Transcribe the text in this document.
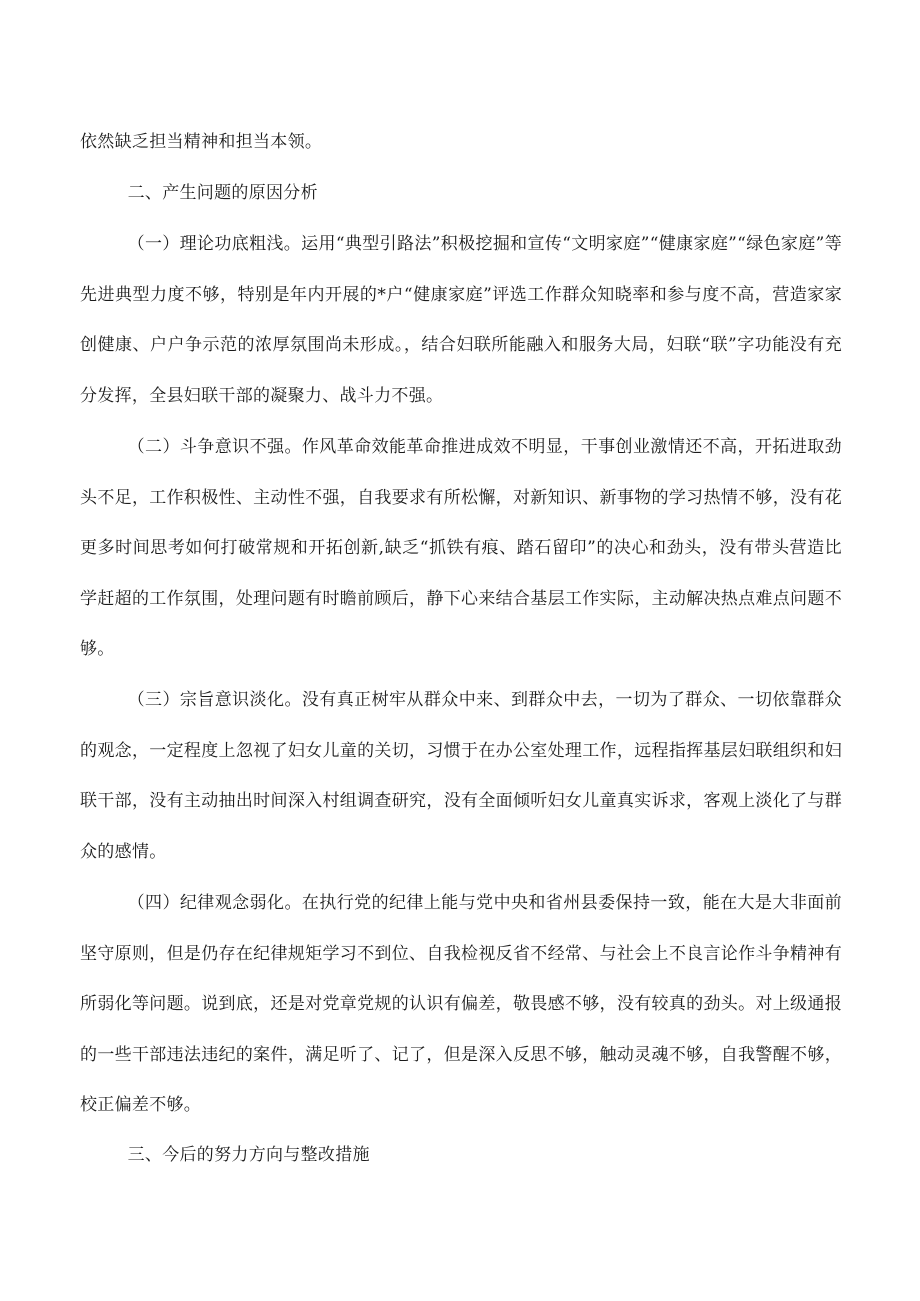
依然缺乏担当精神和担当本领。

二、产生问题的原因分析

（一）理论功底粗浅。运用“典型引路法”积极挖掘和宣传“文明家庭”“健康家庭”“绿色家庭”等先进典型力度不够，特别是年内开展的*户“健康家庭”评选工作群众知晓率和参与度不高，营造家家创健康、户户争示范的浓厚氛围尚未形成。，结合妇联所能融入和服务大局，妇联“联”字功能没有充分发挥，全县妇联干部的凝聚力、战斗力不强。

（二）斗争意识不强。作风革命效能革命推进成效不明显，干事创业激情还不高，开拓进取劲头不足，工作积极性、主动性不强，自我要求有所松懈，对新知识、新事物的学习热情不够，没有花更多时间思考如何打破常规和开拓创新,缺乏“抓铁有痕、踏石留印”的决心和劲头，没有带头营造比学赶超的工作氛围，处理问题有时瞻前顾后，静下心来结合基层工作实际，主动解决热点难点问题不够。

（三）宗旨意识淡化。没有真正树牢从群众中来、到群众中去，一切为了群众、一切依靠群众的观念，一定程度上忽视了妇女儿童的关切，习惯于在办公室处理工作，远程指挥基层妇联组织和妇联干部，没有主动抽出时间深入村组调查研究，没有全面倾听妇女儿童真实诉求，客观上淡化了与群众的感情。

（四）纪律观念弱化。在执行党的纪律上能与党中央和省州县委保持一致，能在大是大非面前坚守原则，但是仍存在纪律规矩学习不到位、自我检视反省不经常、与社会上不良言论作斗争精神有所弱化等问题。说到底，还是对党章党规的认识有偏差，敬畏感不够，没有较真的劲头。对上级通报的一些干部违法违纪的案件，满足听了、记了，但是深入反思不够，触动灵魂不够，自我警醒不够，校正偏差不够。

三、今后的努力方向与整改措施
